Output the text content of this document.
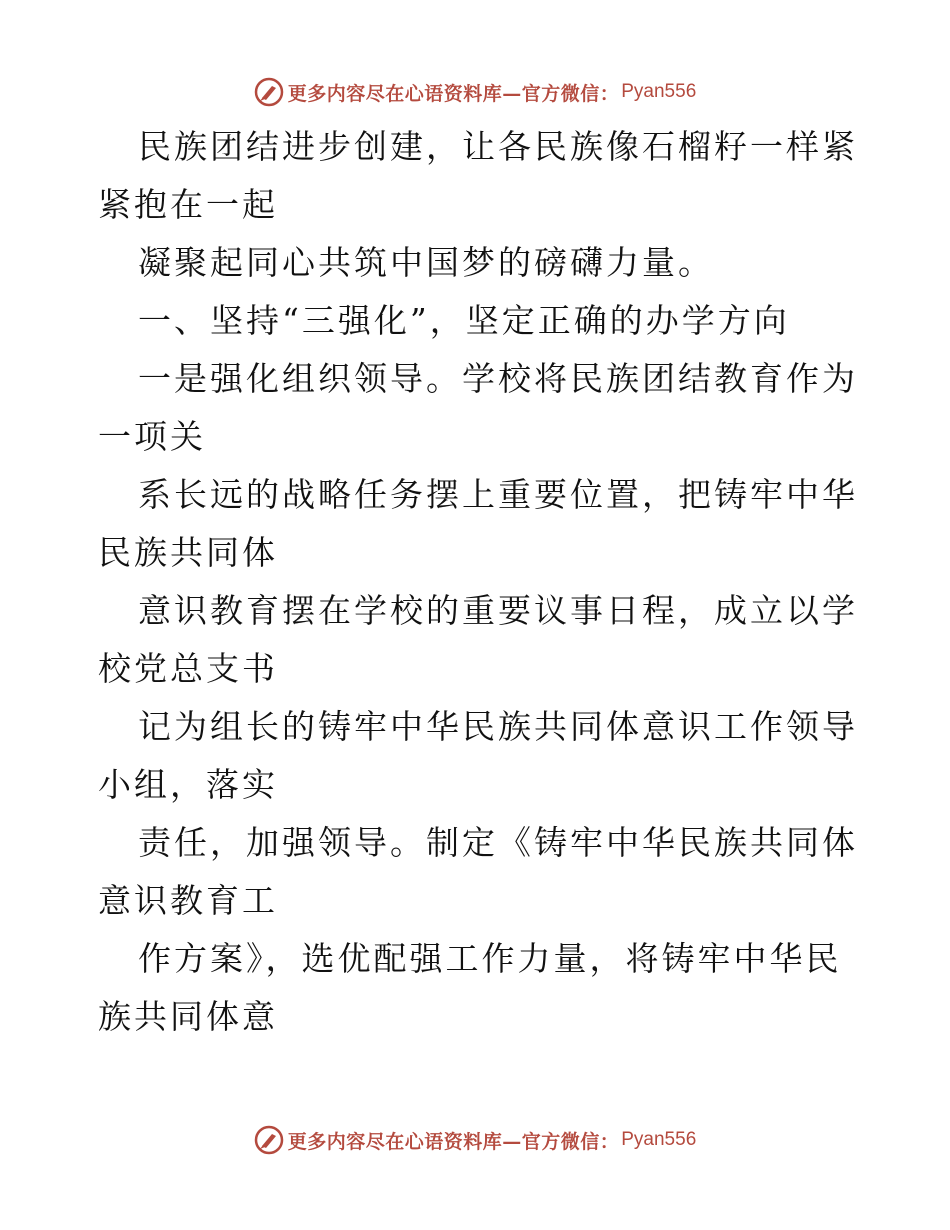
更多内容尽在心语资料库—官方微信： Pyan556

民族团结进步创建，让各民族像石榴籽一样紧紧抱在一起

凝聚起同心共筑中国梦的磅礴力量。

一、坚持“三强化”，坚定正确的办学方向

一是强化组织领导。学校将民族团结教育作为一项关

系长远的战略任务摆上重要位置，把铸牢中华民族共同体

意识教育摆在学校的重要议事日程，成立以学校党总支书

记为组长的铸牢中华民族共同体意识工作领导小组，落实

责任，加强领导。制定《铸牢中华民族共同体意识教育工

作方案》，选优配强工作力量，将铸牢中华民族共同体意

更多内容尽在心语资料库—官方微信： Pyan556
